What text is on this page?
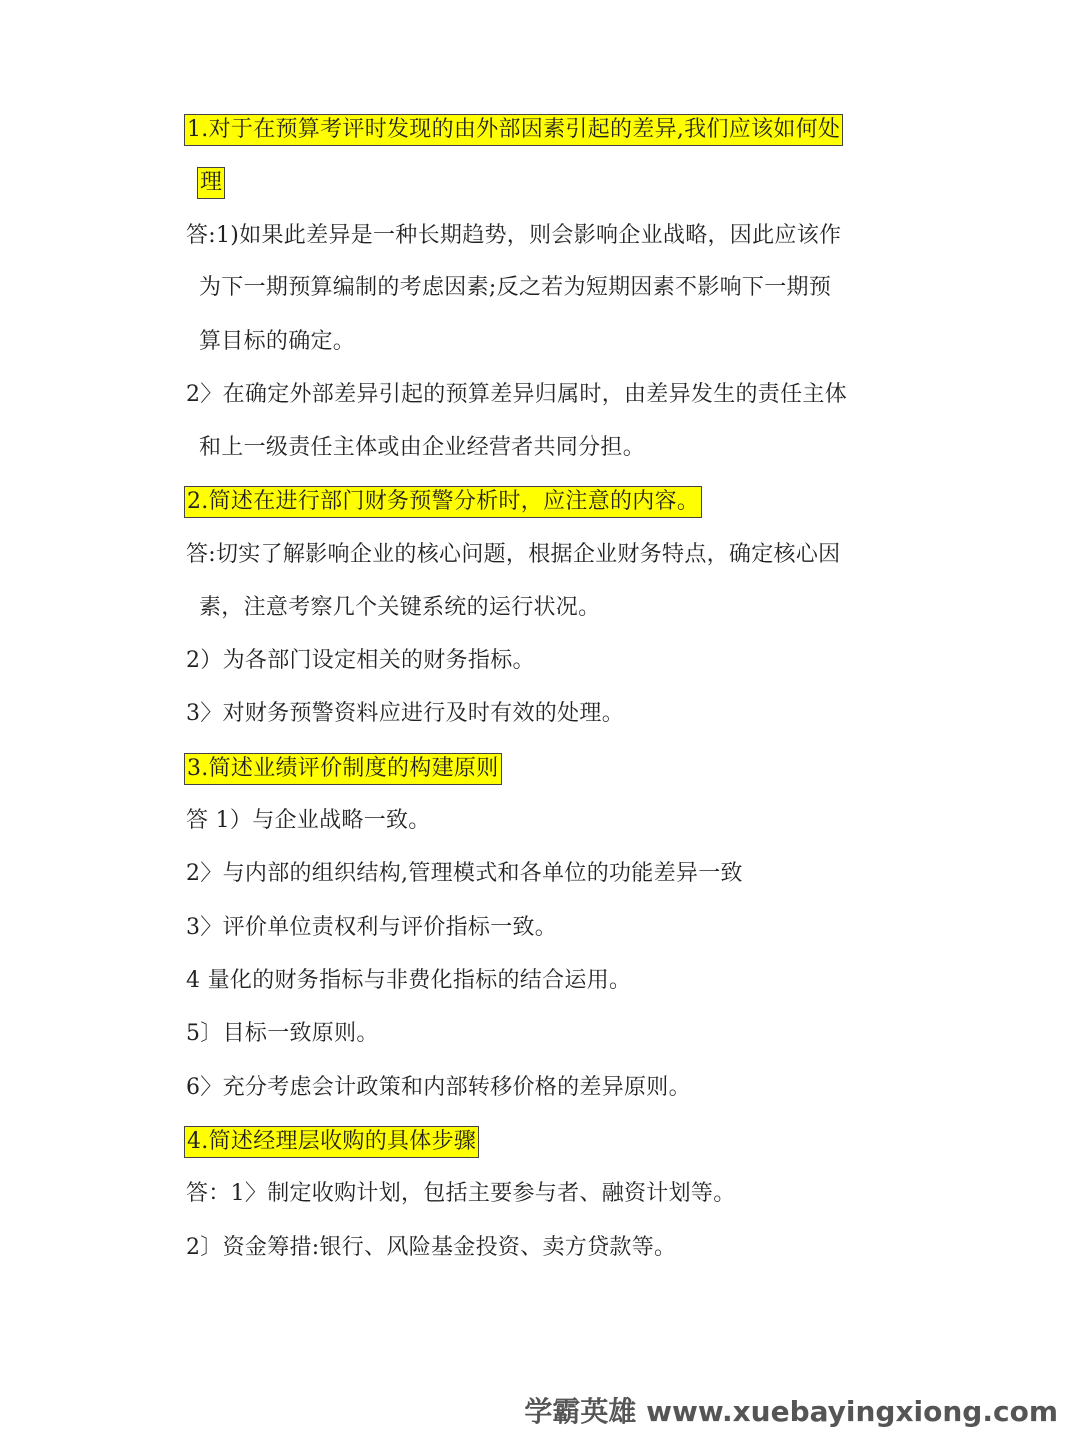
1.对于在预算考评时发现的由外部因素引起的差异,我们应该如何处
理
答:1)如果此差异是一种长期趋势，则会影响企业战略，因此应该作
为下一期预算编制的考虑因素;反之若为短期因素不影响下一期预
算目标的确定。
2〉在确定外部差异引起的预算差异归属时，由差异发生的责任主体
和上一级责任主体或由企业经营者共同分担。
2.简述在进行部门财务预警分析时，应注意的内容。
答:切实了解影响企业的核心问题，根据企业财务特点，确定核心因
素，注意考察几个关键系统的运行状况。
2）为各部门设定相关的财务指标。
3〉对财务预警资料应进行及时有效的处理。
3.简述业绩评价制度的构建原则
答 1）与企业战略一致。
2〉与内部的组织结构,管理模式和各单位的功能差异一致
3〉评价单位责权利与评价指标一致。
4 量化的财务指标与非费化指标的结合运用。
5〕目标一致原则。
6〉充分考虑会计政策和内部转移价格的差异原则。
4.简述经理层收购的具体步骤
答：1〉制定收购计划，包括主要参与者、融资计划等。
2〕资金筹措:银行、风险基金投资、卖方贷款等。
学霸英雄 www.xuebayingxiong.com
